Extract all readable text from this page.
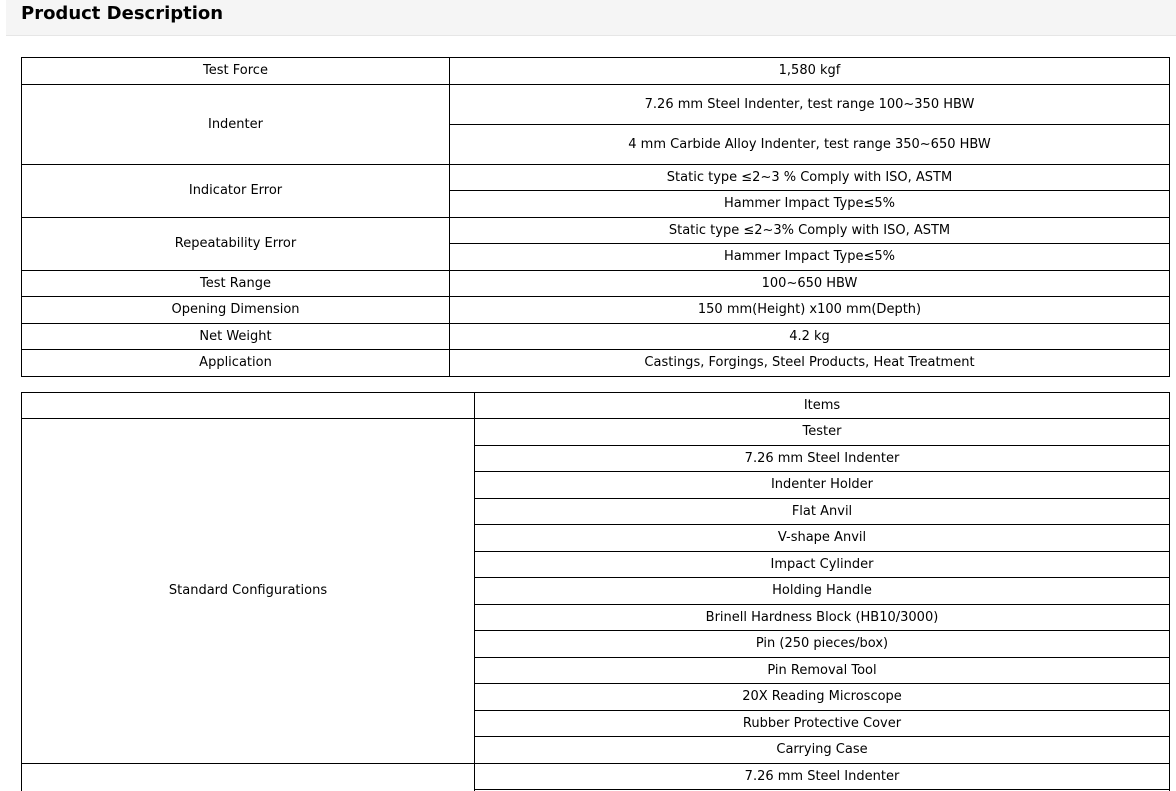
Product Description
Test Force	1,580 kgf
Indenter	7.26 mm Steel Indenter, test range 100~350 HBW
	4 mm Carbide Alloy Indenter, test range 350~650 HBW
Indicator Error	Static type ≤2~3 % Comply with ISO, ASTM
	Hammer Impact Type≤5%
Repeatability Error	Static type ≤2~3% Comply with ISO, ASTM
	Hammer Impact Type≤5%
Test Range	100~650 HBW
Opening Dimension	150 mm(Height) x100 mm(Depth)
Net Weight	4.2 kg
Application	Castings, Forgings, Steel Products, Heat Treatment
	Items
Standard Configurations	Tester
	7.26 mm Steel Indenter
	Indenter Holder
	Flat Anvil
	V-shape Anvil
	Impact Cylinder
	Holding Handle
	Brinell Hardness Block (HB10/3000)
	Pin (250 pieces/box)
	Pin Removal Tool
	20X Reading Microscope
	Rubber Protective Cover
	Carrying Case
	7.26 mm Steel Indenter
